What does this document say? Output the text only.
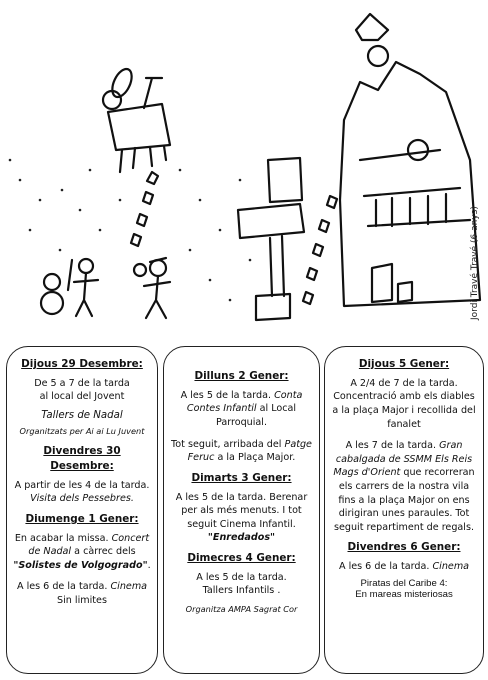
Jordi Travé Travé (6 anys)
Dijous 29 Desembre:
De 5 a 7 de la tarda
al local del Jovent
Tallers de Nadal
Organitzats per Ai ai Lu Juvent
Divendres 30 Desembre:
A partir de les 4 de la tarda.
Visita dels Pessebres.
Diumenge 1 Gener:
En acabar la missa. Concert de Nadal a càrrec dels "Solistes de Volgogrado".
A les 6 de la tarda. Cinema
Sin limites
Dilluns 2 Gener:
A les 5 de la tarda. Conta Contes Infantil al Local Parroquial.
Tot seguit, arribada del Patge Feruc a la Plaça Major.
Dimarts 3 Gener:
A les 5 de la tarda. Berenar per als més menuts. I tot seguit Cinema Infantil. "Enredados"
Dimecres 4 Gener:
A les 5 de la tarda.
Tallers Infantils .
Organitza AMPA Sagrat Cor
Dijous 5 Gener:
A 2/4 de 7 de la tarda.
Concentració amb els diables a la plaça Major i recollida del fanalet
A les 7 de la tarda. Gran cabalgada de SSMM Els Reis Mags d'Orient que recorreran els carrers de la nostra vila fins a la plaça Major on ens dirigiran unes paraules. Tot seguit repartiment de regals.
Divendres 6 Gener:
A les 6 de la tarda. Cinema
Piratas del Caribe 4:
En mareas misteriosas
